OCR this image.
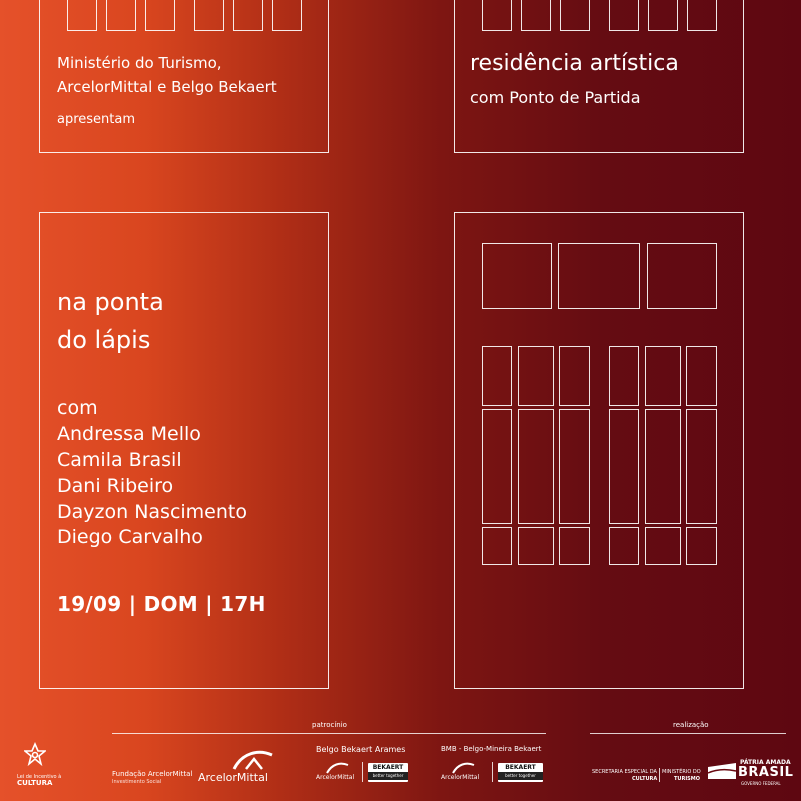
Ministério do Turismo,
ArcelorMittal e Belgo Bekaert
apresentam
residência artística
com Ponto de Partida
na ponta
do lápis
com
Andressa Mello
Camila Brasil
Dani Ribeiro
Dayzon Nascimento
Diego Carvalho
19/09 | DOM | 17H
patrocínio	realização
Lei de Incentivo à
CULTURA
Fundação ArcelorMittal
Investimento Social	ArcelorMittal
Belgo Bekaert Arames
ArcelorMittal
BEKAERT
better together
BMB - Belgo-Mineira Bekaert
ArcelorMittal
BEKAERT
better together
SECRETARIA ESPECIAL DA
CULTURA
MINISTÉRIO DO
TURISMO
PÁTRIA AMADA
BRASIL
GOVERNO FEDERAL
